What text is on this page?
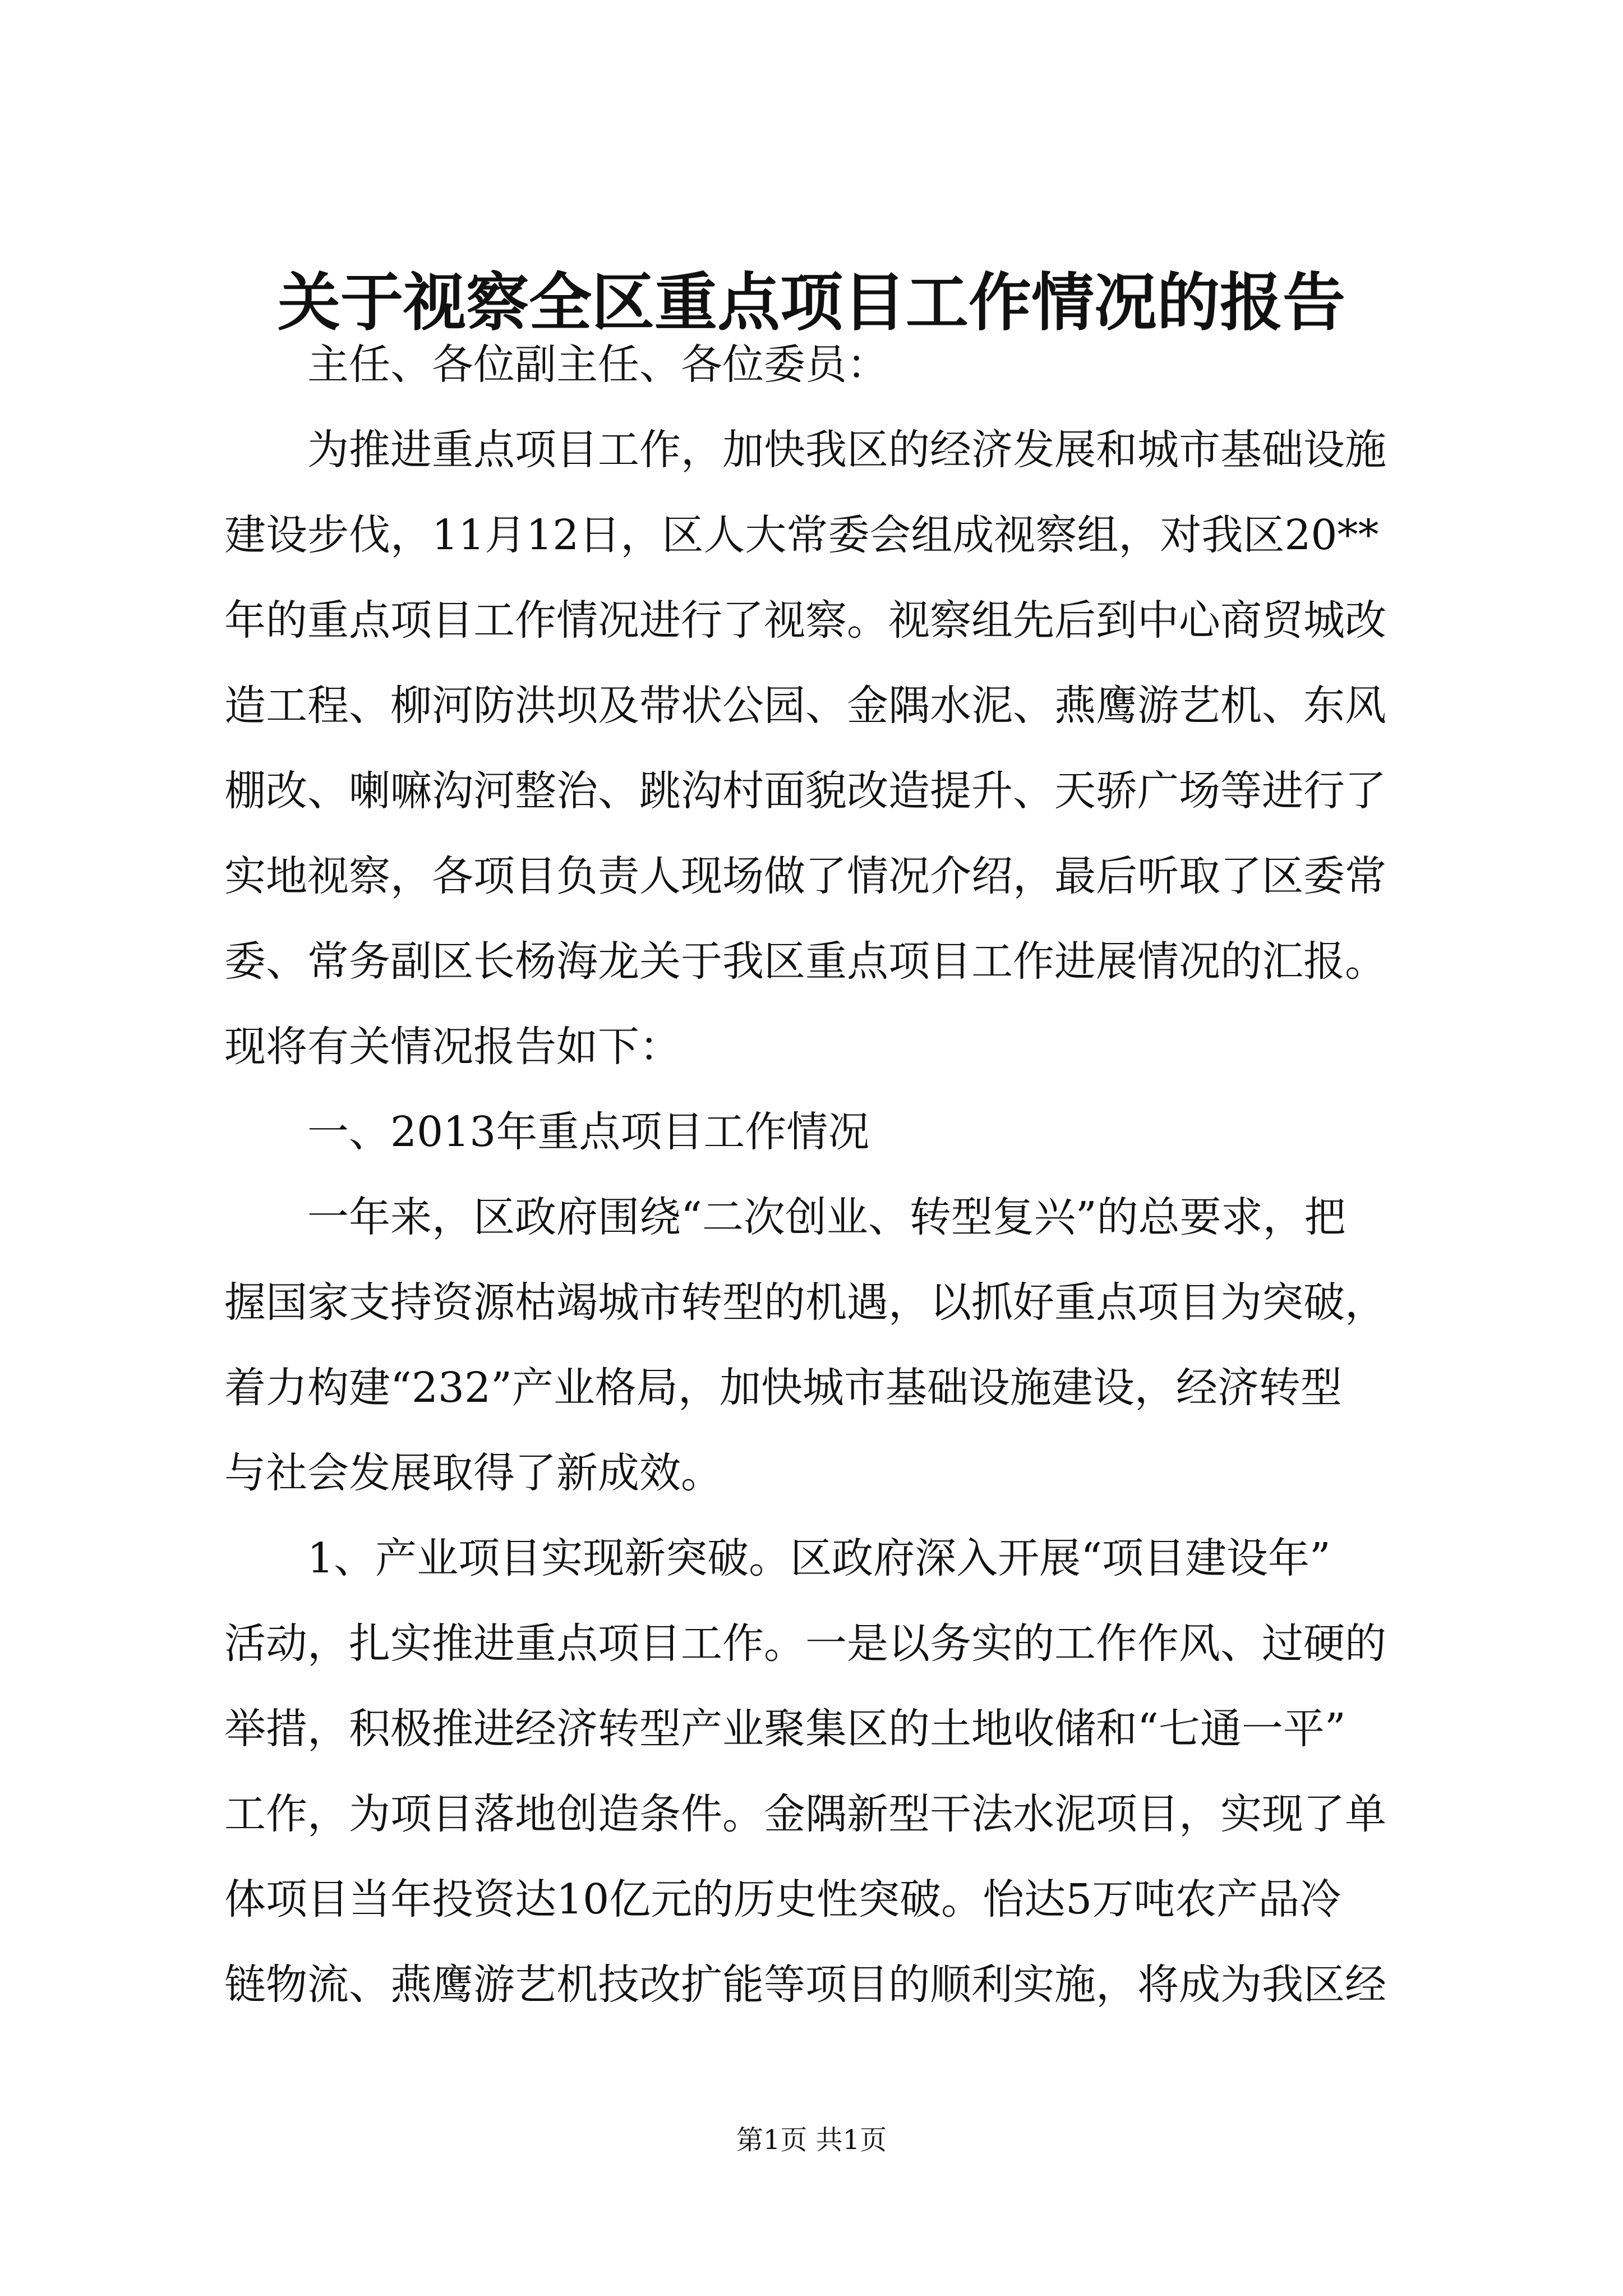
关于视察全区重点项目工作情况的报告
主任、各位副主任、各位委员：
为推进重点项目工作，加快我区的经济发展和城市基础设施
建设步伐，11月12日，区人大常委会组成视察组，对我区20**
年的重点项目工作情况进行了视察。视察组先后到中心商贸城改
造工程、柳河防洪坝及带状公园、金隅水泥、燕鹰游艺机、东风
棚改、喇嘛沟河整治、跳沟村面貌改造提升、天骄广场等进行了
实地视察，各项目负责人现场做了情况介绍，最后听取了区委常
委、常务副区长杨海龙关于我区重点项目工作进展情况的汇报。
现将有关情况报告如下：
一、2013年重点项目工作情况
一年来，区政府围绕“二次创业、转型复兴”的总要求，把
握国家支持资源枯竭城市转型的机遇，以抓好重点项目为突破，
着力构建“232”产业格局，加快城市基础设施建设，经济转型
与社会发展取得了新成效。
1、产业项目实现新突破。区政府深入开展“项目建设年”
活动，扎实推进重点项目工作。一是以务实的工作作风、过硬的
举措，积极推进经济转型产业聚集区的土地收储和“七通一平”
工作，为项目落地创造条件。金隅新型干法水泥项目，实现了单
体项目当年投资达10亿元的历史性突破。怡达5万吨农产品冷
链物流、燕鹰游艺机技改扩能等项目的顺利实施，将成为我区经
第1页 共1页
